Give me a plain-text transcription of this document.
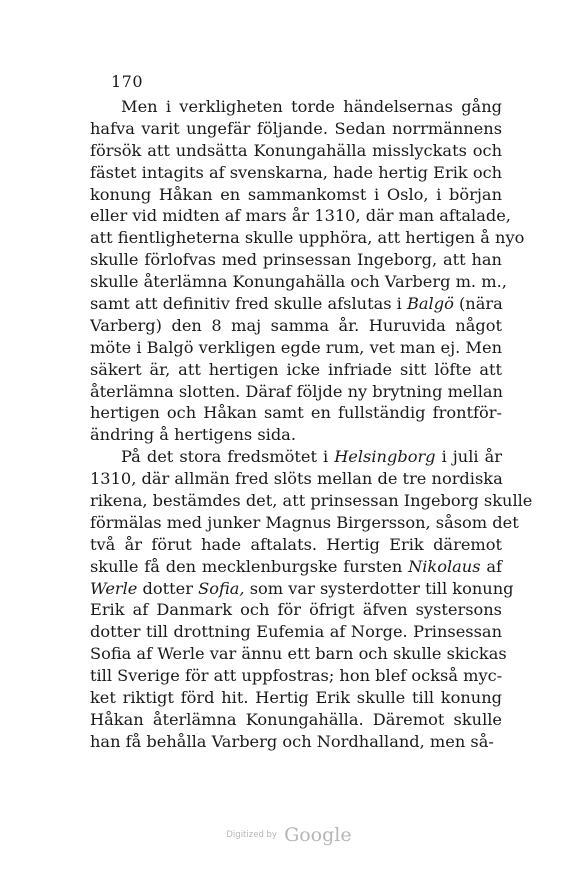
170
Men i verkligheten torde händelsernas gång
hafva varit ungefär följande. Sedan norrmännens
försök att undsätta Konungahälla misslyckats och
fästet intagits af svenskarna, hade hertig Erik och
konung Håkan en sammankomst i Oslo, i början
eller vid midten af mars år 1310, där man aftalade,
att fientligheterna skulle upphöra, att hertigen å nyo
skulle förlofvas med prinsessan Ingeborg, att han
skulle återlämna Konungahälla och Varberg m. m.,
samt att definitiv fred skulle afslutas i Balgö (nära
Varberg) den 8 maj samma år. Huruvida något
möte i Balgö verkligen egde rum, vet man ej. Men
säkert är, att hertigen icke infriade sitt löfte att
återlämna slotten. Däraf följde ny brytning mellan
hertigen och Håkan samt en fullständig frontför-
ändring å hertigens sida.
På det stora fredsmötet i Helsingborg i juli år
1310, där allmän fred slöts mellan de tre nordiska
rikena, bestämdes det, att prinsessan Ingeborg skulle
förmälas med junker Magnus Birgersson, såsom det
två år förut hade aftalats. Hertig Erik däremot
skulle få den mecklenburgske fursten Nikolaus af
Werle dotter Sofia, som var systerdotter till konung
Erik af Danmark och för öfrigt äfven systersons
dotter till drottning Eufemia af Norge. Prinsessan
Sofia af Werle var ännu ett barn och skulle skickas
till Sverige för att uppfostras; hon blef också myc-
ket riktigt förd hit. Hertig Erik skulle till konung
Håkan återlämna Konungahälla. Däremot skulle
han få behålla Varberg och Nordhalland, men så-
Digitized by Google
